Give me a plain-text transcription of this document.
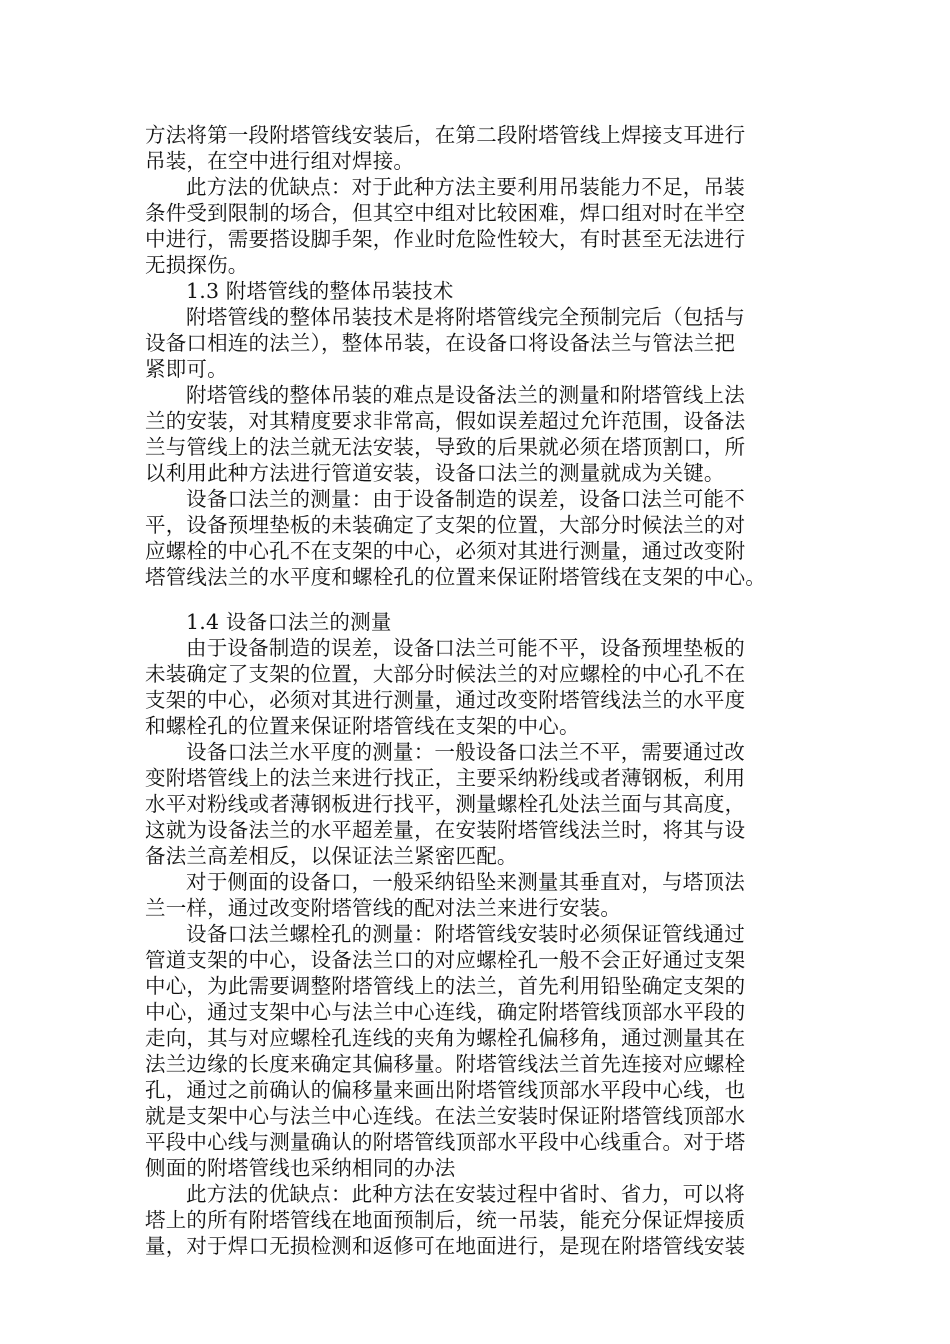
方法将第一段附塔管线安装后，在第二段附塔管线上焊接支耳进行
吊装，在空中进行组对焊接。
此方法的优缺点：对于此种方法主要利用吊装能力不足，吊装
条件受到限制的场合，但其空中组对比较困难，焊口组对时在半空
中进行，需要搭设脚手架，作业时危险性较大，有时甚至无法进行
无损探伤。
1.3 附塔管线的整体吊装技术
附塔管线的整体吊装技术是将附塔管线完全预制完后（包括与
设备口相连的法兰），整体吊装，在设备口将设备法兰与管法兰把
紧即可。
附塔管线的整体吊装的难点是设备法兰的测量和附塔管线上法
兰的安装，对其精度要求非常高，假如误差超过允许范围，设备法
兰与管线上的法兰就无法安装，导致的后果就必须在塔顶割口，所
以利用此种方法进行管道安装，设备口法兰的测量就成为关键。
设备口法兰的测量：由于设备制造的误差，设备口法兰可能不
平，设备预埋垫板的未装确定了支架的位置，大部分时候法兰的对
应螺栓的中心孔不在支架的中心，必须对其进行测量，通过改变附
塔管线法兰的水平度和螺栓孔的位置来保证附塔管线在支架的中心。
1.4 设备口法兰的测量
由于设备制造的误差，设备口法兰可能不平，设备预埋垫板的
未装确定了支架的位置，大部分时候法兰的对应螺栓的中心孔不在
支架的中心，必须对其进行测量，通过改变附塔管线法兰的水平度
和螺栓孔的位置来保证附塔管线在支架的中心。
设备口法兰水平度的测量：一般设备口法兰不平，需要通过改
变附塔管线上的法兰来进行找正，主要采纳粉线或者薄钢板，利用
水平对粉线或者薄钢板进行找平，测量螺栓孔处法兰面与其高度，
这就为设备法兰的水平超差量，在安装附塔管线法兰时，将其与设
备法兰高差相反，以保证法兰紧密匹配。
对于侧面的设备口，一般采纳铅坠来测量其垂直对，与塔顶法
兰一样，通过改变附塔管线的配对法兰来进行安装。
设备口法兰螺栓孔的测量：附塔管线安装时必须保证管线通过
管道支架的中心，设备法兰口的对应螺栓孔一般不会正好通过支架
中心，为此需要调整附塔管线上的法兰，首先利用铅坠确定支架的
中心，通过支架中心与法兰中心连线，确定附塔管线顶部水平段的
走向，其与对应螺栓孔连线的夹角为螺栓孔偏移角，通过测量其在
法兰边缘的长度来确定其偏移量。附塔管线法兰首先连接对应螺栓
孔，通过之前确认的偏移量来画出附塔管线顶部水平段中心线，也
就是支架中心与法兰中心连线。在法兰安装时保证附塔管线顶部水
平段中心线与测量确认的附塔管线顶部水平段中心线重合。对于塔
侧面的附塔管线也采纳相同的办法
此方法的优缺点：此种方法在安装过程中省时、省力，可以将
塔上的所有附塔管线在地面预制后，统一吊装，能充分保证焊接质
量，对于焊口无损检测和返修可在地面进行，是现在附塔管线安装
